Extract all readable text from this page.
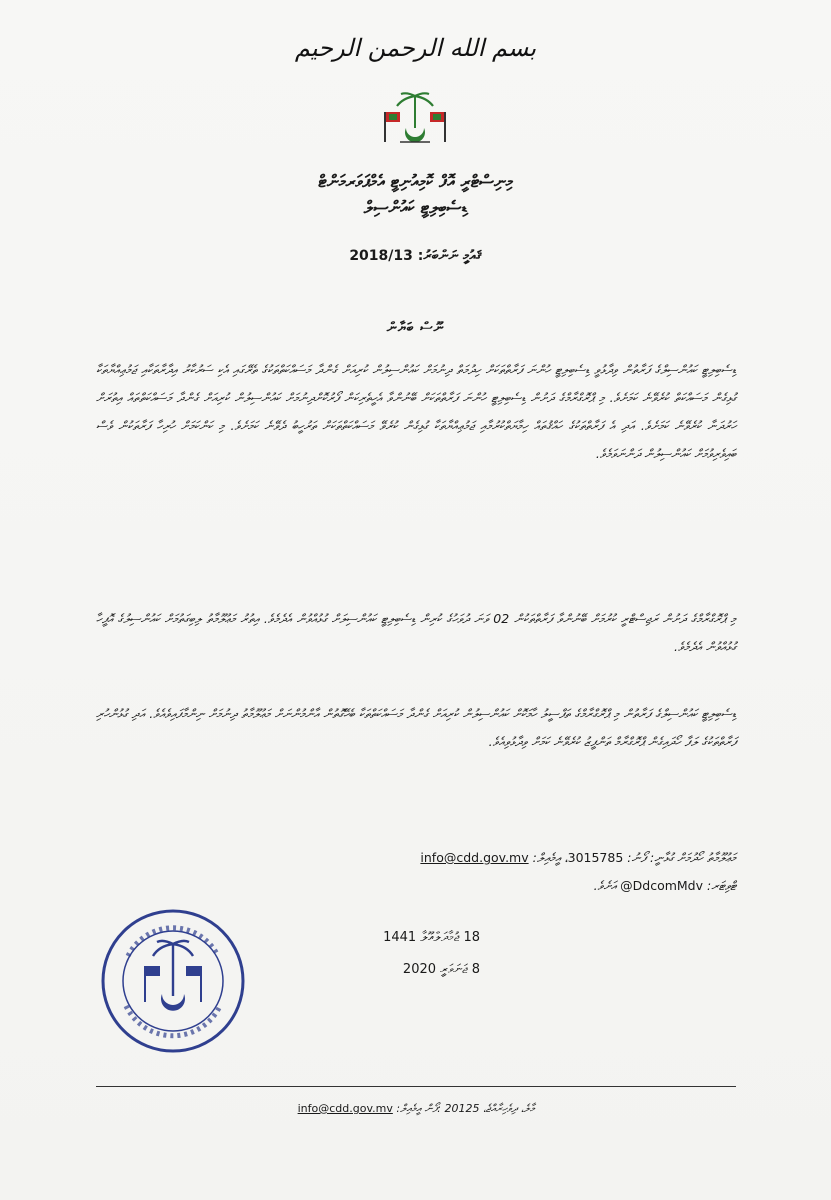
بسم الله الرحمن الرحيم
މިނިސްޓްރީ އޮފް ކޮމިއުނިޓީ އެމްޕަވަރމަންޓް
ޑިސެބިލިޓީ ކައުންސިލް
ޤައުމީ ނަންބަރު: 2018/13
ނޫސް ބަޔާން
ޑިސެބިލިޓީ ކައުންސިލްގެ ފަރާތުން ވިދާޅުވީ ޑިސެބިލިޓީ ހުންނަ ފަރާތްތަކަށް ހިދުމަތް ދިނުމަށް ކައުންސިލުން ކުރިއަށް ގެންދާ މަސައްކަތްތަކުގެ ތެރޭގައި އެކި ސަރުކާރު އިދާރާތަކާއި ޖަމުޢިއްޔާތަކާ ގުޅިގެން މަސައްކަތް ކުރެވޭނެ ކަމަށެވެ. މި ޕްރޮގްރާމްގެ ދަށުން ޑިސެބިލިޓީ ހުންނަ ފަރާތްތަކަށް ބޭނުންވާ އެހީތެރިކަން ފޯރުކޮށްދިނުމަށް ކައުންސިލުން ކުރިއަށް ގެންދާ މަސައްކަތްތައް އިތުރަށް ހަރުދަނާ ކުރެވޭނެ ކަމަށެވެ. އަދި އެ ފަރާތްތަކުގެ ހައްޤުތައް ހިމާޔަތްކުރުމާއި ޖަމުޢިއްޔާތަކާ ގުޅިގެން ކުރެވޭ މަސައްކަތްތަކަށް ތަރުހީބު ދެވޭނެ ކަމަށެވެ. މި ކަންކަމަށް ހުރިހާ ފަރާތަކުން ވެސް ބައިވެރިވުމަށް ކައުންސިލުން ދަންނަވަމެވެ.
މި ޕްރޮގްރާމްގެ ދަށުން ރަޖިސްޓްރީ ކުރުމަށް ބޭނުންވާ ފަރާތްތަކުން 02 ވަނަ ދުވަހުގެ ކުރިން ޑިސެބިލިޓީ ކައުންސިލަށް ގުޅުއްވުން އެދެމެވެ. އިތުރު މަޢުލޫމާތު ލިބިގަތުމަށް ކައުންސިލުގެ އޮފީހާ ގުޅުއްވުން އެދެމެވެ.
ޑިސެބިލިޓީ ކައުންސިލްގެ ފަރާތުން މި ޕްރޮގްރާމްގެ ތަފްސީލު ހާމަކޮށް ކައުންސިލުން ކުރިއަށް ގެންދާ މަސައްކަތްތަކާ ބެހޭގޮތުން އާންމުންނަށް މަޢުލޫމާތު ދިނުމަށް ނިންމާފައިވެއެވެ. އަދި ގުޅުންހުރި ފަރާތްތަކުގެ ލަފާ ހޯދައިގެން ޕްރޮގްރާމް ތަންފީޒު ކުރެވޭނެ ކަމަށް ވިދާޅުވިއެވެ.
މަޢުލޫމާތު ހޯދުމަށް ގުޅާނީ: ފޯނު: 3015785، އީމެއިލް: info@cdd.gov.mv
ޓްވިޓަރ: @DdcomMdv އަށެވެ.
18 ޖުމާދަލްއޫލާ 1441
8 ޖަނަވަރީ 2020
މާލެ، ދިވެހިރާއްޖެ، 20125 :ފޯން އީމެއިލް: info@cdd.gov.mv
